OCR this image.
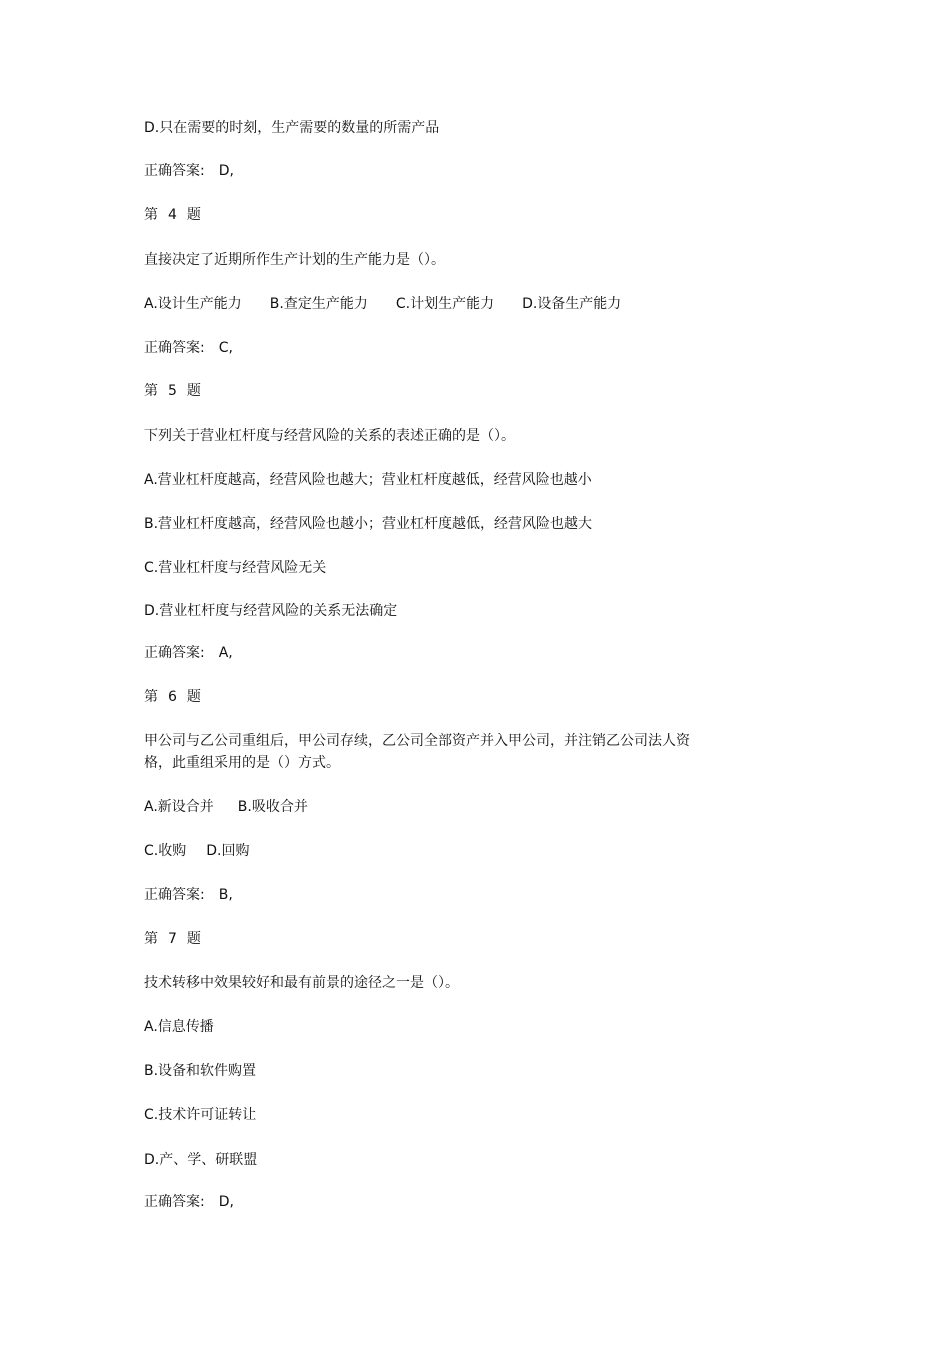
D.只在需要的时刻，生产需要的数量的所需产品
正确答案: D,
第 4 题
直接决定了近期所作生产计划的生产能力是（）。
A.设计生产能力 B.查定生产能力 C.计划生产能力 D.设备生产能力
正确答案: C,
第 5 题
下列关于营业杠杆度与经营风险的关系的表述正确的是（）。
A.营业杠杆度越高，经营风险也越大；营业杠杆度越低，经营风险也越小
B.营业杠杆度越高，经营风险也越小；营业杠杆度越低，经营风险也越大
C.营业杠杆度与经营风险无关
D.营业杠杆度与经营风险的关系无法确定
正确答案: A,
第 6 题
甲公司与乙公司重组后，甲公司存续，乙公司全部资产并入甲公司，并注销乙公司法人资
格，此重组采用的是（）方式。
A.新设合并 B.吸收合并
C.收购 D.回购
正确答案: B,
第 7 题
技术转移中效果较好和最有前景的途径之一是（）。
A.信息传播
B.设备和软件购置
C.技术许可证转让
D.产、学、研联盟
正确答案: D,
